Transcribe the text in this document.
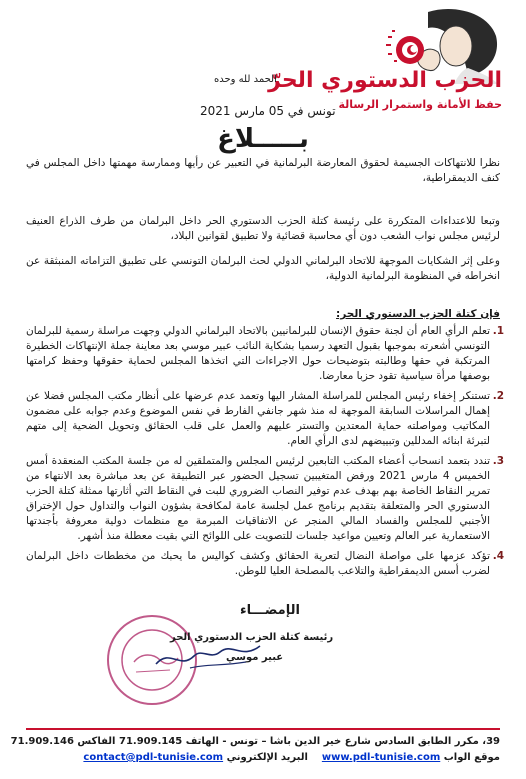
الحزب الدستوري الحرّ
حفظ الأمانة واستمرار الرسالة
الحمد لله وحده
تونس في 05 مارس 2021
بـــــلاغ
نظرا للانتهاكات الجسيمة لحقوق المعارضة البرلمانية في التعبير عن رأيها وممارسة مهمتها داخل المجلس في كنف الديمقراطية،
وتبعا للاعتداءات المتكررة على رئيسة كتلة الحزب الدستوري الحر داخل البرلمان من طرف الذراع العنيف لرئيس مجلس نواب الشعب دون أي محاسبة قضائية ولا تطبيق لقوانين البلاد،
وعلى إثر الشكايات الموجهة للاتحاد البرلماني الدولي لحث البرلمان التونسي على تطبيق التزاماته المنبثقة عن انخراطه في المنظومة البرلمانية الدولية،
فإن كتلة الحزب الدستوري الحر:
1.
تعلم الرأي العام أن لجنة حقوق الإنسان للبرلمانيين بالاتحاد البرلماني الدولي وجهت مراسلة رسمية للبرلمان التونسي أشعرته بموجبها بقبول التعهد رسميا بشكاية النائب عبير موسي بعد معاينة جملة الإنتهاكات الخطيرة المرتكبة في حقها وطالبته بتوضيحات حول الاجراءات التي اتخذها المجلس لحماية حقوقها وحفظ كرامتها بوصفها مرأة سياسية تقود حزبا معارضا.
2.
تستنكر إخفاء رئيس المجلس للمراسلة المشار اليها وتعمد عدم عرضها على أنظار مكتب المجلس فضلا عن إهمال المراسلات السابقة الموجهة له منذ شهر جانفي الفارط في نفس الموضوع وعدم جوابه على مضمون المكاتيب ومواصلته حماية المعتدين والتستر عليهم والعمل على قلب الحقائق وتحويل الضحية إلى متهم لتبرئة ابنائه المدللين وتبييضهم لدى الرأي العام.
3.
تندد بتعمد انسحاب أعضاء المكتب التابعين لرئيس المجلس والمتملقين له من جلسة المكتب المنعقدة أمس الخميس 4 مارس 2021 ورفض المتغيبين تسجيل الحضور عبر التطبيقة عن بعد مباشرة بعد الانتهاء من تمرير النقاط الخاصة بهم بهدف عدم توفير النصاب الضروري للبت في النقاط التي أثارتها ممثلة كتلة الحزب الدستوري الحر والمتعلقة بتقديم برنامج عمل لجلسة عامة لمكافحة بشؤون النواب والتداول حول الإختراق الأجنبي للمجلس والفساد المالي المنجر عن الاتفاقيات المبرمة مع منظمات دولية معروفة بأجندتها الاستعمارية عبر العالم وتعيين مواعيد جلسات للتصويت على اللوائح التي بقيت معطلة منذ أشهر.
4.
تؤكد عزمها على مواصلة النضال لتعرية الحقائق وكشف كواليس ما يحبك من مخططات داخل البرلمان لضرب أسس الديمقراطية والتلاعب بالمصلحة العليا للوطن.
الإمضـــاء
رئيسة كتلة الحزب الدستوري الحر
عبير موسي
39، مكرر الطابق السادس شارع خير الدين باشا – تونس - الهاتف 71.909.145 الفاكس 71.909.146
موقع الواب www.pdl-tunisie.com    البريد الإلكتروني contact@pdl-tunisie.com
